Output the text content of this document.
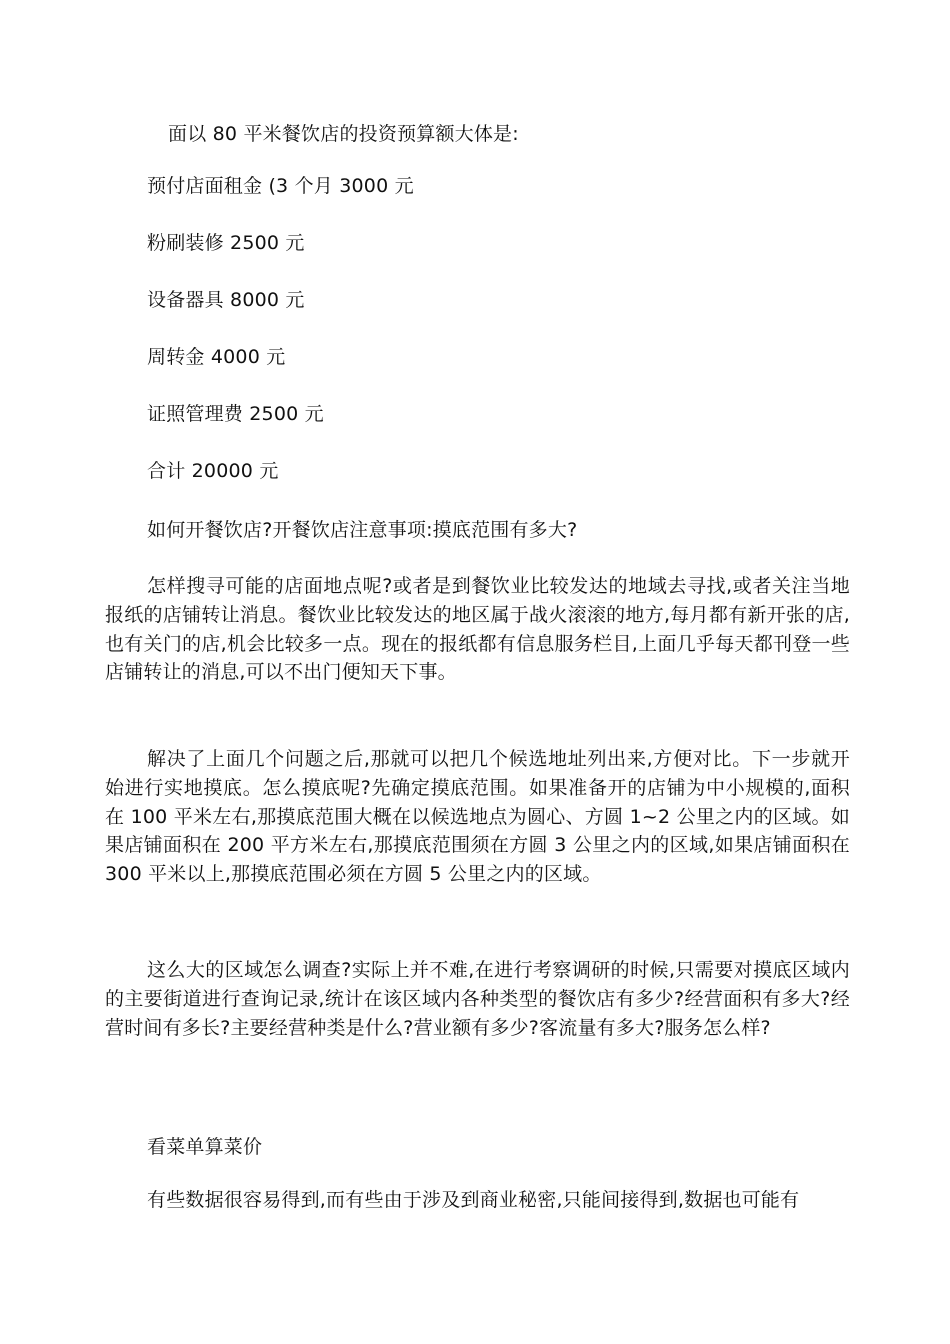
面以 80 平米餐饮店的投资预算额大体是:
预付店面租金 (3 个月 3000 元
粉刷装修 2500 元
设备器具 8000 元
周转金 4000 元
证照管理费 2500 元
合计 20000 元
如何开餐饮店?开餐饮店注意事项:摸底范围有多大?
怎样搜寻可能的店面地点呢?或者是到餐饮业比较发达的地域去寻找,或者关注当地报纸的店铺转让消息。餐饮业比较发达的地区属于战火滚滚的地方,每月都有新开张的店,也有关门的店,机会比较多一点。现在的报纸都有信息服务栏目,上面几乎每天都刊登一些店铺转让的消息,可以不出门便知天下事。
解决了上面几个问题之后,那就可以把几个候选地址列出来,方便对比。下一步就开始进行实地摸底。怎么摸底呢?先确定摸底范围。如果准备开的店铺为中小规模的,面积在 100 平米左右,那摸底范围大概在以候选地点为圆心、方圆 1~2 公里之内的区域。如果店铺面积在 200 平方米左右,那摸底范围须在方圆 3 公里之内的区域,如果店铺面积在 300 平米以上,那摸底范围必须在方圆 5 公里之内的区域。
这么大的区域怎么调查?实际上并不难,在进行考察调研的时候,只需要对摸底区域内的主要街道进行查询记录,统计在该区域内各种类型的餐饮店有多少?经营面积有多大?经营时间有多长?主要经营种类是什么?营业额有多少?客流量有多大?服务怎么样?
看菜单算菜价
有些数据很容易得到,而有些由于涉及到商业秘密,只能间接得到,数据也可能有
